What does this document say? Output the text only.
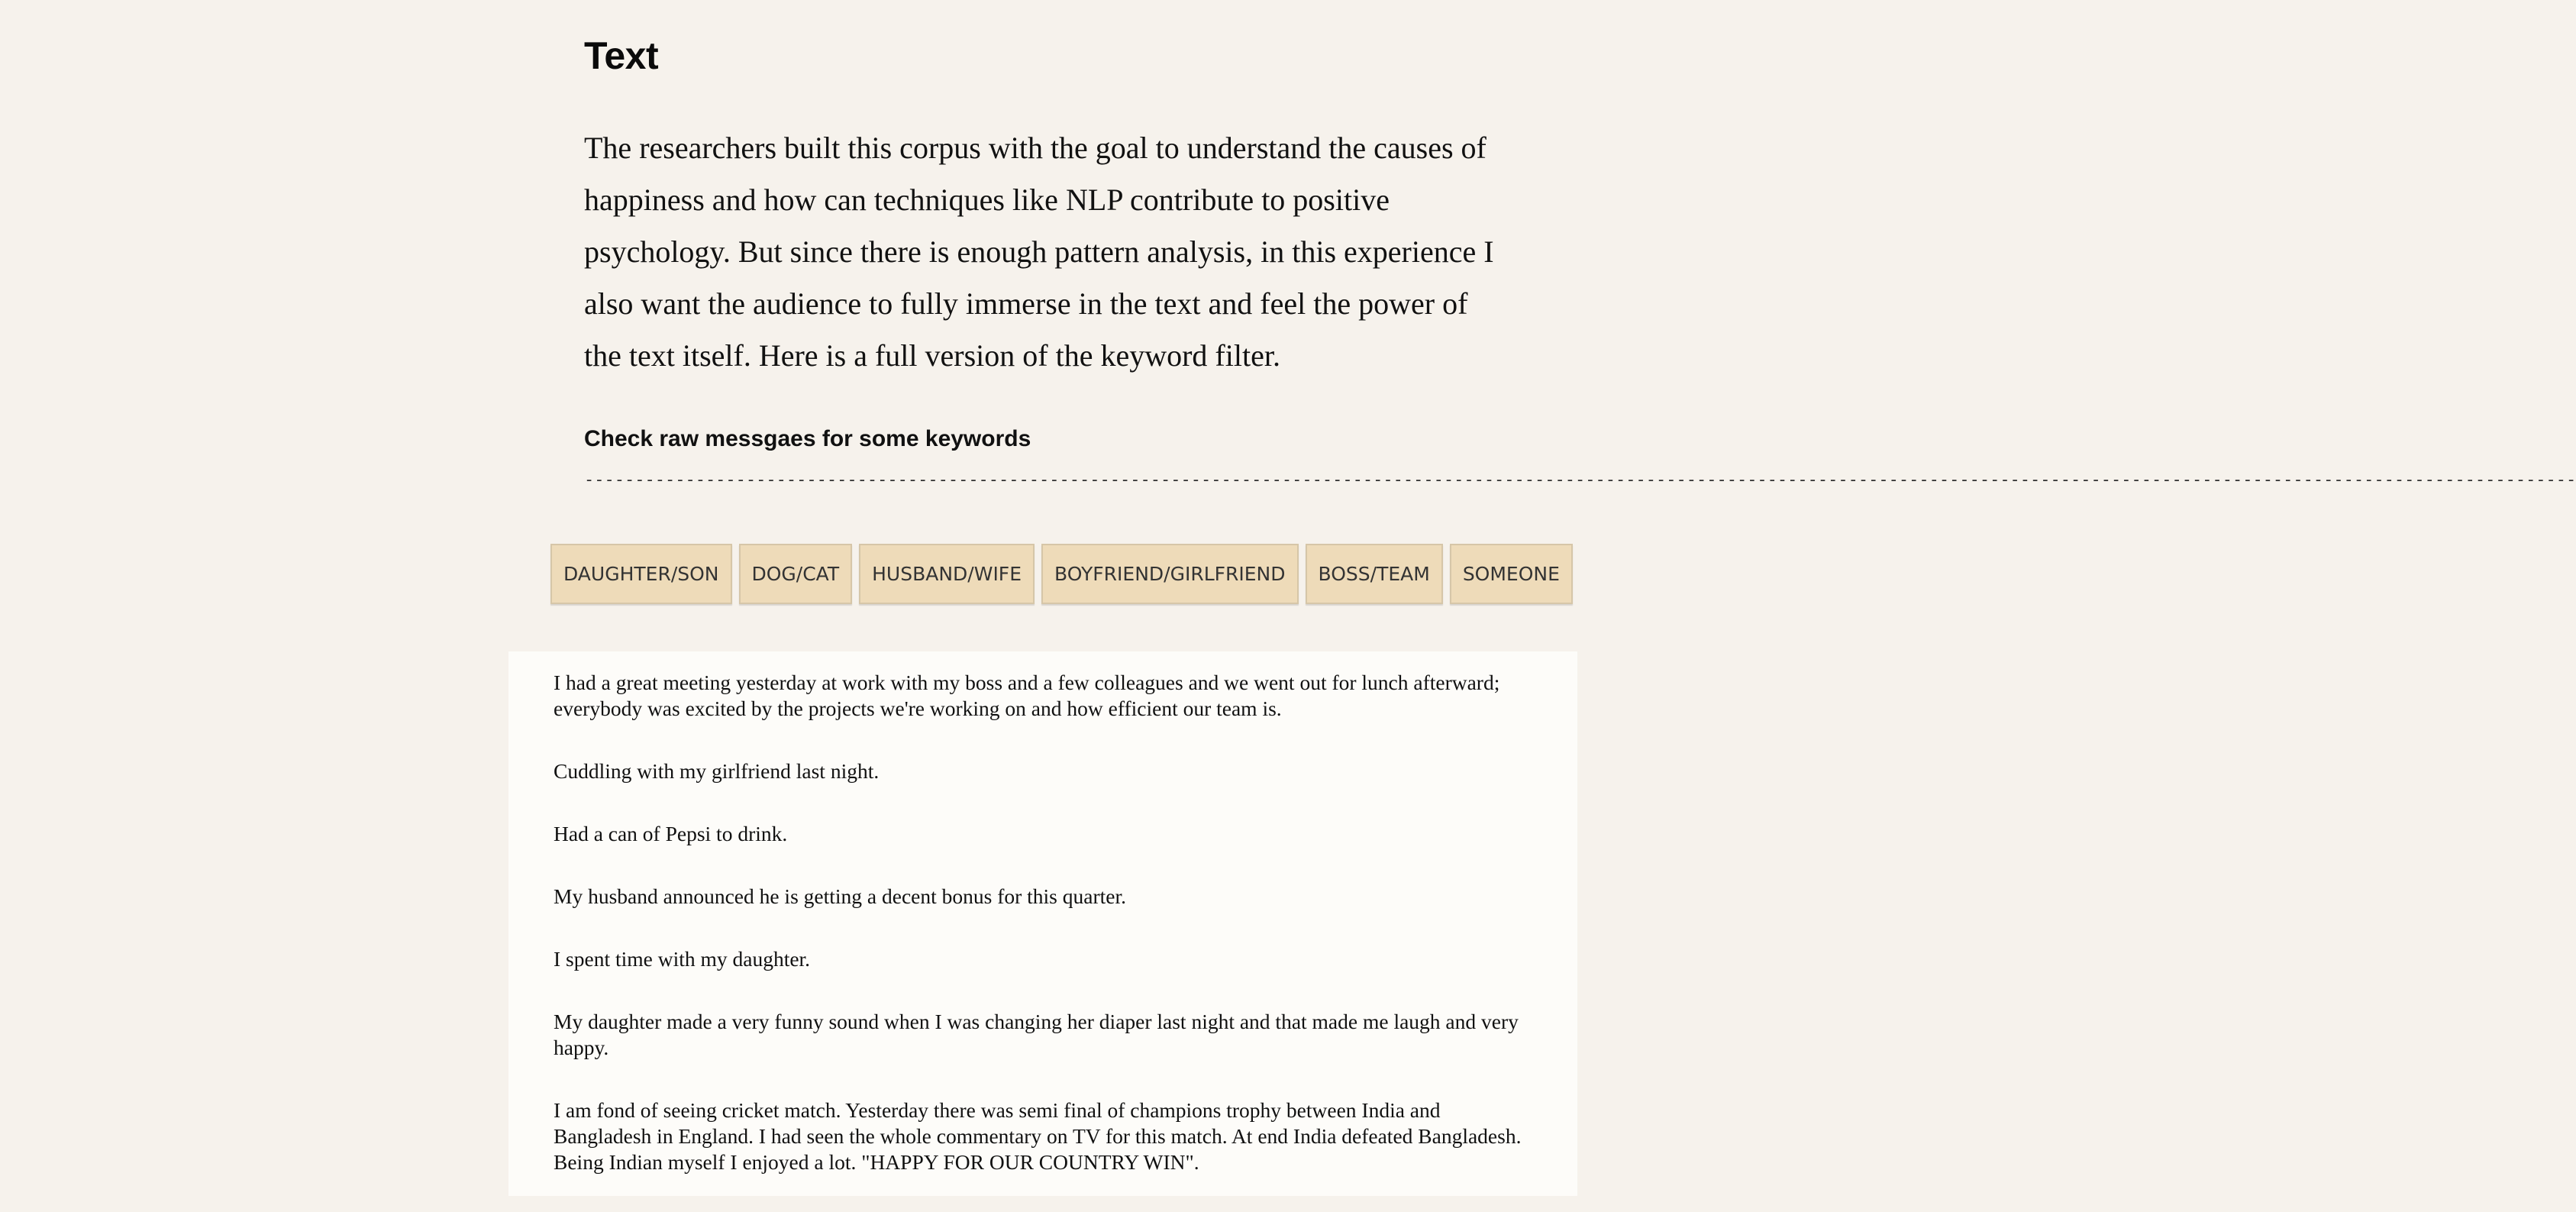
Text

The researchers built this corpus with the goal to understand the causes of happiness and how can techniques like NLP contribute to positive psychology. But since there is enough pattern analysis, in this experience I also want the audience to fully immerse in the text and feel the power of the text itself. Here is a full version of the keyword filter.

Check raw messgaes for some keywords
-----------------------------------------------------------------------------------------------------------------------------------------------------------------------------------------------------
DAUGHTER/SON	DOG/CAT	HUSBAND/WIFE	BOYFRIEND/GIRLFRIEND	BOSS/TEAM	SOMEONE
I had a great meeting yesterday at work with my boss and a few colleagues and we went out for lunch afterward; everybody was excited by the projects we're working on and how efficient our team is.
Cuddling with my girlfriend last night.
Had a can of Pepsi to drink.
My husband announced he is getting a decent bonus for this quarter.
I spent time with my daughter.
My daughter made a very funny sound when I was changing her diaper last night and that made me laugh and very happy.
I am fond of seeing cricket match. Yesterday there was semi final of champions trophy between India and Bangladesh in England. I had seen the whole commentary on TV for this match. At end India defeated Bangladesh. Being Indian myself I enjoyed a lot. "HAPPY FOR OUR COUNTRY WIN".
